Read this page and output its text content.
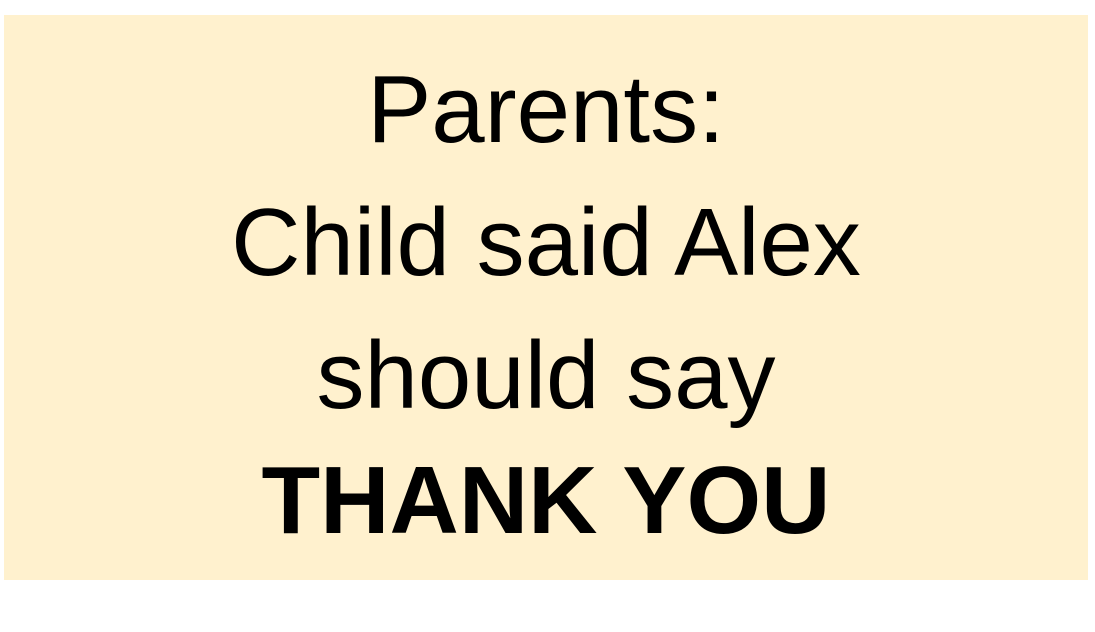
Parents:
Child said Alex
should say
THANK YOU
